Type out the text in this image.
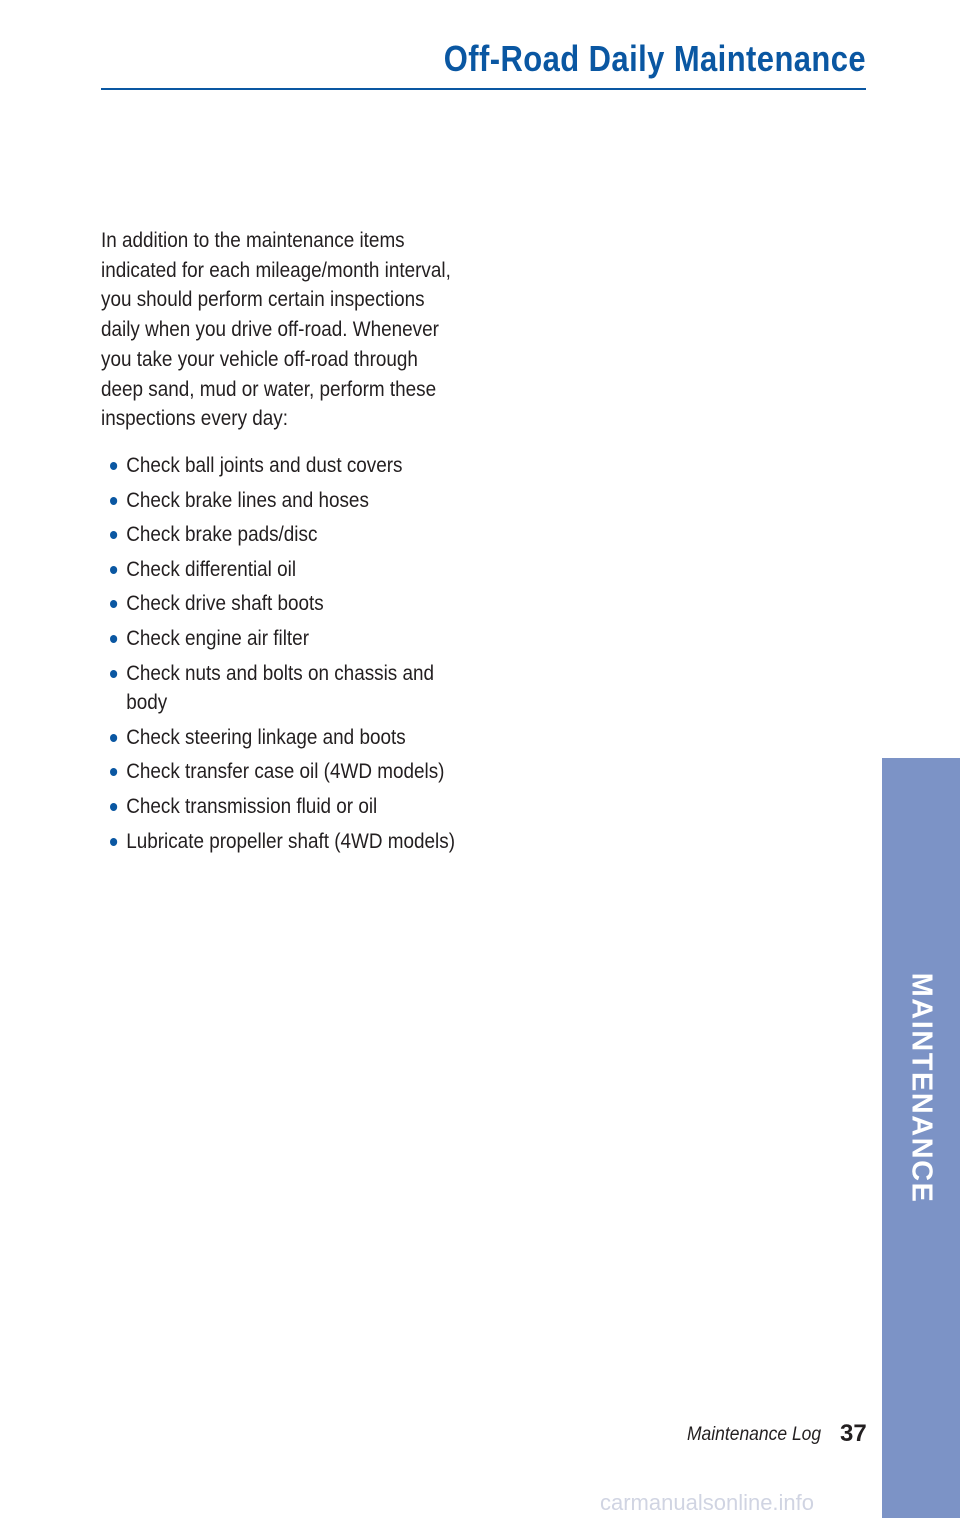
Off-Road Daily Maintenance

In addition to the maintenance items indicated for each mileage/month interval, you should perform certain inspections daily when you drive off-road. Whenever you take your vehicle off-road through deep sand, mud or water, perform these inspections every day:

Check ball joints and dust covers
Check brake lines and hoses
Check brake pads/disc
Check differential oil
Check drive shaft boots
Check engine air filter
Check nuts and bolts on chassis and body
Check steering linkage and boots
Check transfer case oil (4WD models)
Check transmission fluid or oil
Lubricate propeller shaft (4WD models)
MAINTENANCE
Maintenance Log 37
carmanualsonline.info
